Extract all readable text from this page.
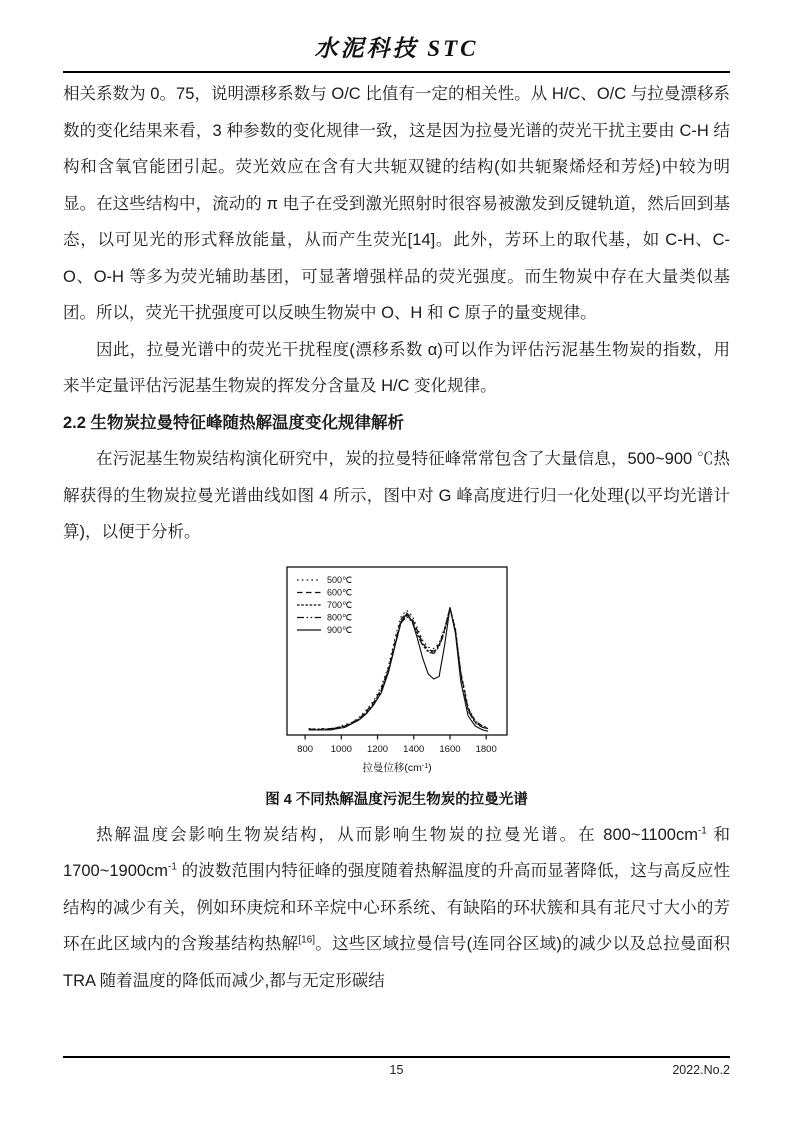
水泥科技 STC

相关系数为 0。75，说明漂移系数与 O/C 比值有一定的相关性。从 H/C、O/C 与拉曼漂移系数的变化结果来看，3 种参数的变化规律一致，这是因为拉曼光谱的荧光干扰主要由 C-H 结构和含氧官能团引起。荧光效应在含有大共轭双键的结构(如共轭聚烯烃和芳烃)中较为明显。在这些结构中，流动的 π 电子在受到激光照射时很容易被激发到反键轨道，然后回到基态，以可见光的形式释放能量，从而产生荧光[14]。此外，芳环上的取代基，如 C-H、C-O、O-H 等多为荧光辅助基团，可显著增强样品的荧光强度。而生物炭中存在大量类似基团。所以，荧光干扰强度可以反映生物炭中 O、H 和 C 原子的量变规律。

因此，拉曼光谱中的荧光干扰程度(漂移系数 α)可以作为评估污泥基生物炭的指数，用来半定量评估污泥基生物炭的挥发分含量及 H/C 变化规律。

2.2 生物炭拉曼特征峰随热解温度变化规律解析

在污泥基生物炭结构演化研究中，炭的拉曼特征峰常常包含了大量信息，500~900 ℃热解获得的生物炭拉曼光谱曲线如图 4 所示，图中对 G 峰高度进行归一化处理(以平均光谱计算)，以便于分析。

800 1000 1200 1400 1600 1800
拉曼位移$(cm^{-1})$
500℃
600℃
700℃
800℃
900℃
图 4 不同热解温度污泥生物炭的拉曼光谱

热解温度会影响生物炭结构，从而影响生物炭的拉曼光谱。在 $800\sim 1100cm^{-1}$ 和 $1700\sim 1900cm^{-1}$ 的波数范围内特征峰的强度随着热解温度的升高而显著降低，这与高反应性结构的减少有关，例如环庚烷和环辛烷中心环系统、有缺陷的环状簇和具有苝尺寸大小的芳环在此区域内的含羧基结构热解[16]。这些区域拉曼信号(连同谷区域)的减少以及总拉曼面积 TRA 随着温度的降低而减少,都与无定形碳结

15	2022.No.2
